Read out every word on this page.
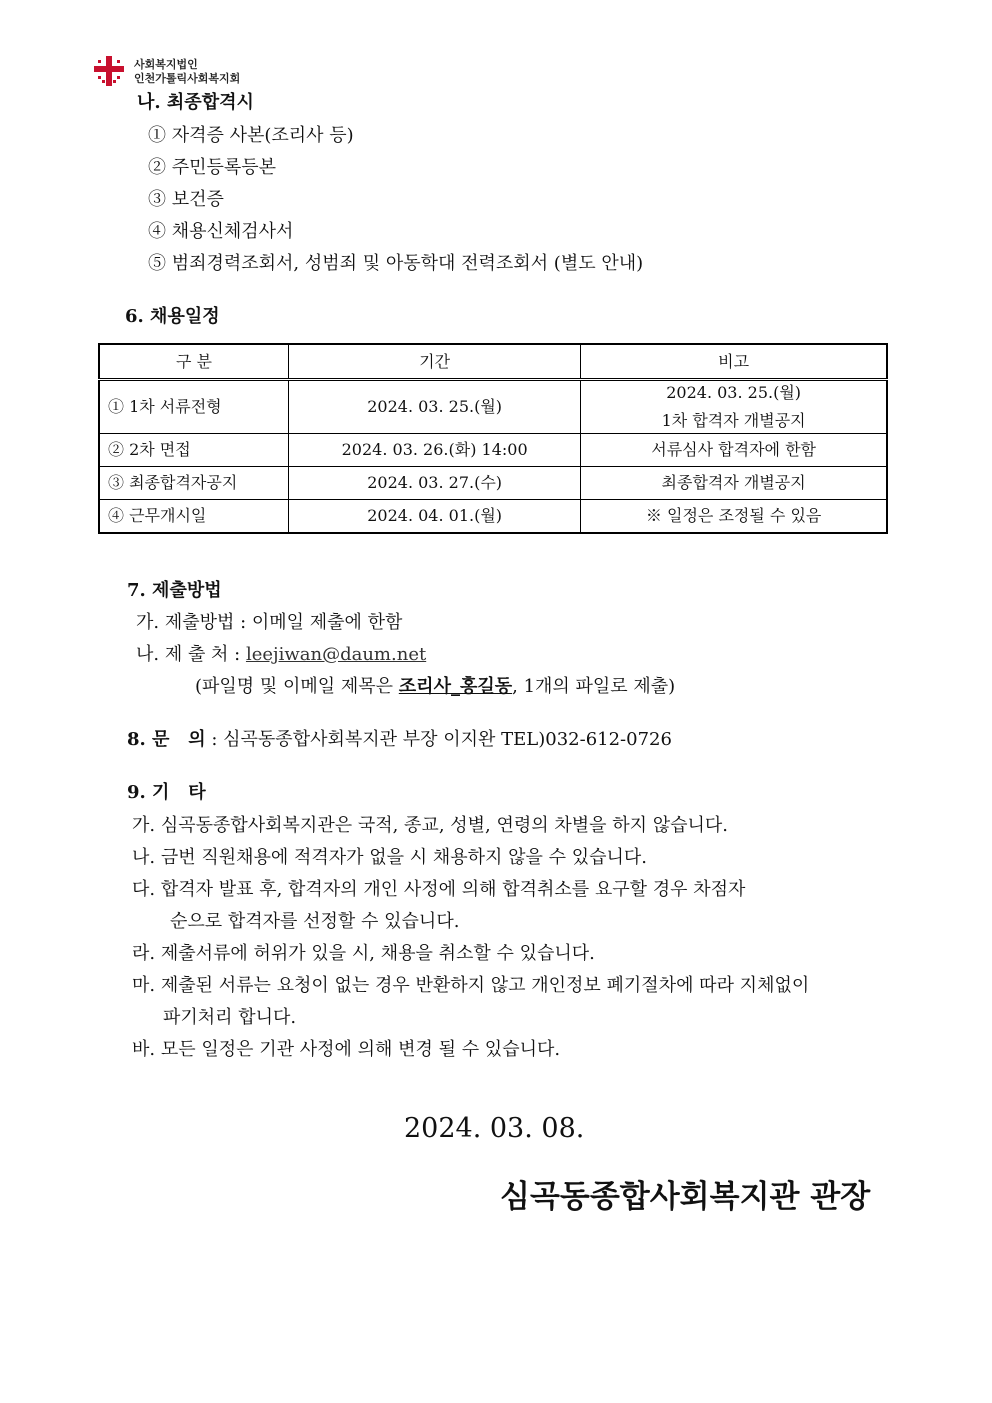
사회복지법인
인천가톨릭사회복지회
나. 최종합격시
① 자격증 사본(조리사 등)
② 주민등록등본
③ 보건증
④ 채용신체검사서
⑤ 범죄경력조회서, 성범죄 및 아동학대 전력조회서 (별도 안내)
6. 채용일정
구 분	기간	비고
① 1차 서류전형	2024. 03. 25.(월)	2024. 03. 25.(월)
1차 합격자 개별공지

② 2차 면접	2024. 03. 26.(화) 14:00	서류심사 합격자에 한함
③ 최종합격자공지	2024. 03. 27.(수)	최종합격자 개별공지
④ 근무개시일	2024. 04. 01.(월)	※ 일정은 조정될 수 있음
7. 제출방법
가. 제출방법 : 이메일 제출에 한함
나. 제 출 처 : leejiwan@daum.net
(파일명 및 이메일 제목은 조리사_홍길동, 1개의 파일로 제출)
8. 문   의 : 심곡동종합사회복지관 부장 이지완 TEL)032-612-0726
9. 기   타
가. 심곡동종합사회복지관은 국적, 종교, 성별, 연령의 차별을 하지 않습니다.
나. 금번 직원채용에 적격자가 없을 시 채용하지 않을 수 있습니다.
다. 합격자 발표 후, 합격자의 개인 사정에 의해 합격취소를 요구할 경우 차점자
순으로 합격자를 선정할 수 있습니다.
라. 제출서류에 허위가 있을 시, 채용을 취소할 수 있습니다.
마. 제출된 서류는 요청이 없는 경우 반환하지 않고 개인정보 폐기절차에 따라 지체없이
파기처리 합니다.
바. 모든 일정은 기관 사정에 의해 변경 될 수 있습니다.
2024. 03. 08.
심곡동종합사회복지관 관장
